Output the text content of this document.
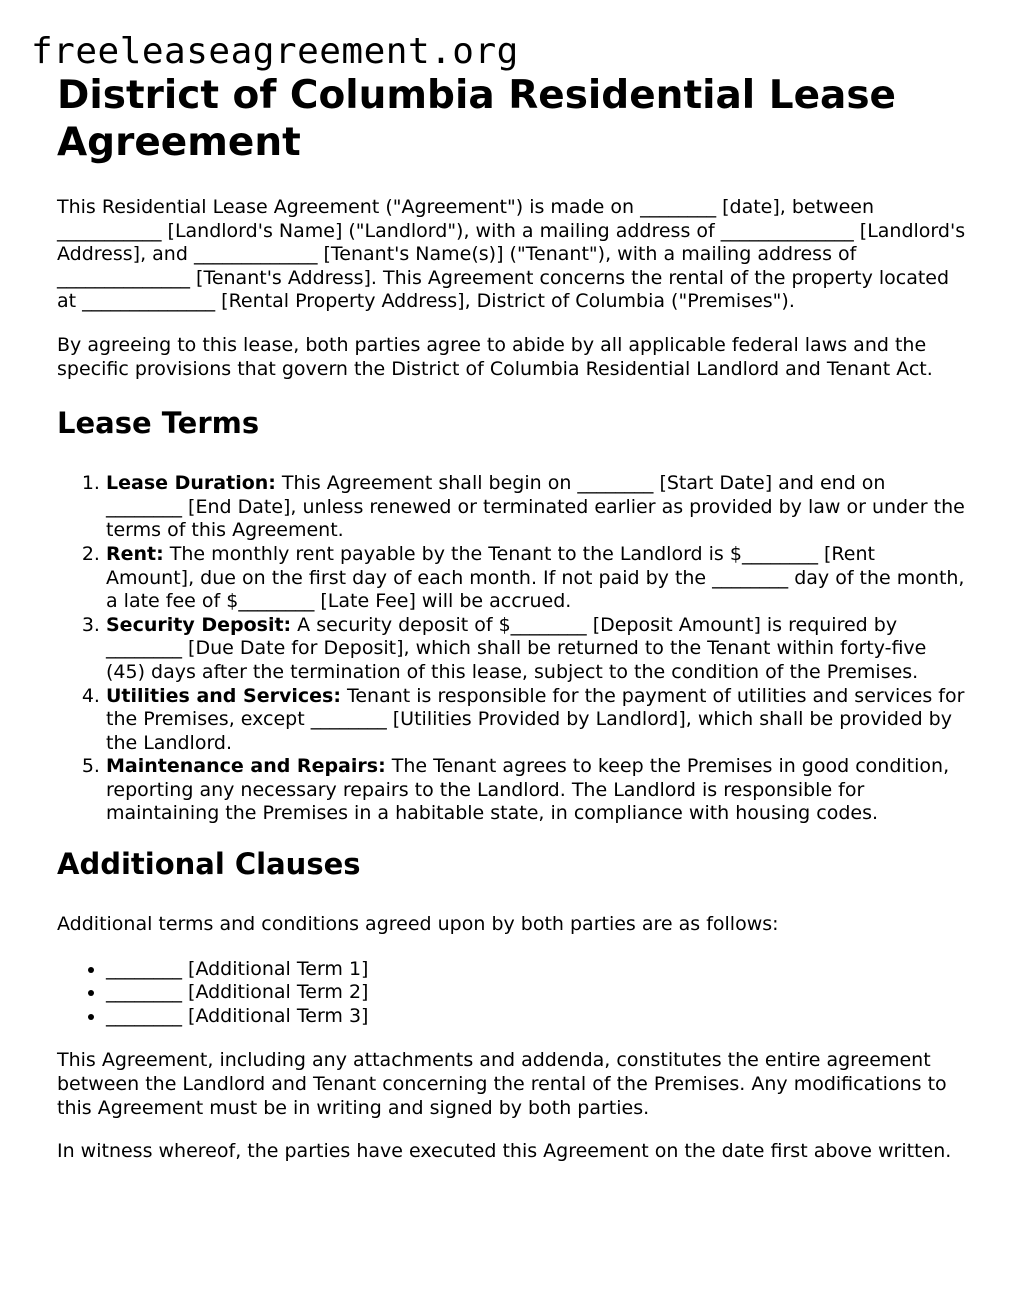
freeleaseagreement.org
District of Columbia Residential Lease Agreement

This Residential Lease Agreement ("Agreement") is made on ________ [date], between ___________ [Landlord's Name] ("Landlord"), with a mailing address of ______________ [Landlord's Address], and _____________ [Tenant's Name(s)] ("Tenant"), with a mailing address of ______________ [Tenant's Address]. This Agreement concerns the rental of the property located at ______________ [Rental Property Address], District of Columbia ("Premises").

By agreeing to this lease, both parties agree to abide by all applicable federal laws and the specific provisions that govern the District of Columbia Residential Landlord and Tenant Act.

Lease Terms
1. Lease Duration: This Agreement shall begin on ________ [Start Date] and end on ________ [End Date], unless renewed or terminated earlier as provided by law or under the terms of this Agreement.
2. Rent: The monthly rent payable by the Tenant to the Landlord is $________ [Rent Amount], due on the first day of each month. If not paid by the ________ day of the month, a late fee of $________ [Late Fee] will be accrued.
3. Security Deposit: A security deposit of $________ [Deposit Amount] is required by ________ [Due Date for Deposit], which shall be returned to the Tenant within forty-five (45) days after the termination of this lease, subject to the condition of the Premises.
4. Utilities and Services: Tenant is responsible for the payment of utilities and services for the Premises, except ________ [Utilities Provided by Landlord], which shall be provided by the Landlord.
5. Maintenance and Repairs: The Tenant agrees to keep the Premises in good condition, reporting any necessary repairs to the Landlord. The Landlord is responsible for maintaining the Premises in a habitable state, in compliance with housing codes.
Additional Clauses

Additional terms and conditions agreed upon by both parties are as follows:

• ________ [Additional Term 1]
• ________ [Additional Term 2]
• ________ [Additional Term 3]

This Agreement, including any attachments and addenda, constitutes the entire agreement between the Landlord and Tenant concerning the rental of the Premises. Any modifications to this Agreement must be in writing and signed by both parties.

In witness whereof, the parties have executed this Agreement on the date first above written.
